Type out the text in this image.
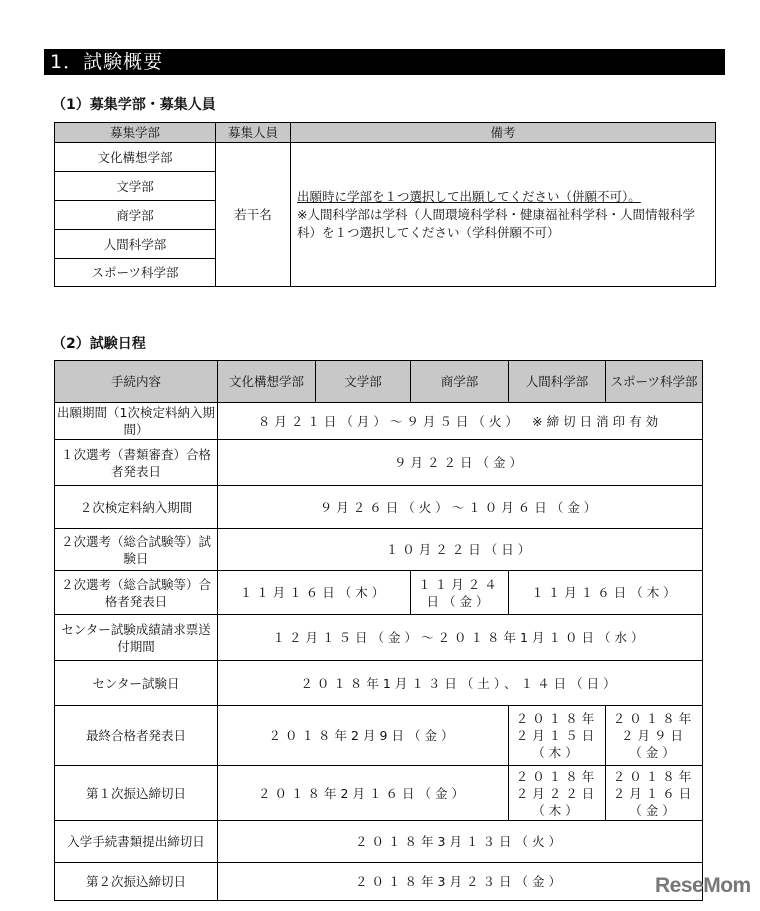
1．試験概要
（1）募集学部・募集人員
募集学部	募集人員	備考
文化構想学部	若干名	出願時に学部を１つ選択して出願してください（併願不可）。
※人間科学部は学科（人間環境科学科・健康福祉科学科・人間情報科学科）を１つ選択してください（学科併願不可）
文学部		
商学部		
人間科学部		
スポーツ科学部		
（2）試験日程
手続内容	文化構想学部	文学部	商学部	人間科学部	スポーツ科学部
出願期間（1次検定料納入期間）	８月２１日（月）～９月５日（火）　※締切日消印有効				
１次選考（書類審査）合格者発表日	９月２２日（金）				
２次検定料納入期間	９月２６日（火）～１０月６日（金）				
２次選考（総合試験等）試験日	１０月２２日（日）				
２次選考（総合試験等）合格者発表日	１１月１６日（木）		１１月２４日（金）	１１月１６日（木）	
センター試験成績請求票送付期間	１２月１５日（金）～２０１８年1月１０日（水）				
センター試験日	２０１８年1月１３日（土）、１４日（日）				
最終合格者発表日	２０１８年2月9日（金）			２０１８年２月１５日（木）	２０１８年２月９日（金）
第１次振込締切日	２０１８年2月１６日（金）			２０１８年２月２２日（木）	２０１８年２月１６日（金）
入学手続書類提出締切日	２０１８年3月１３日（火）				
第２次振込締切日	２０１８年3月２３日（金）					ReseMom
